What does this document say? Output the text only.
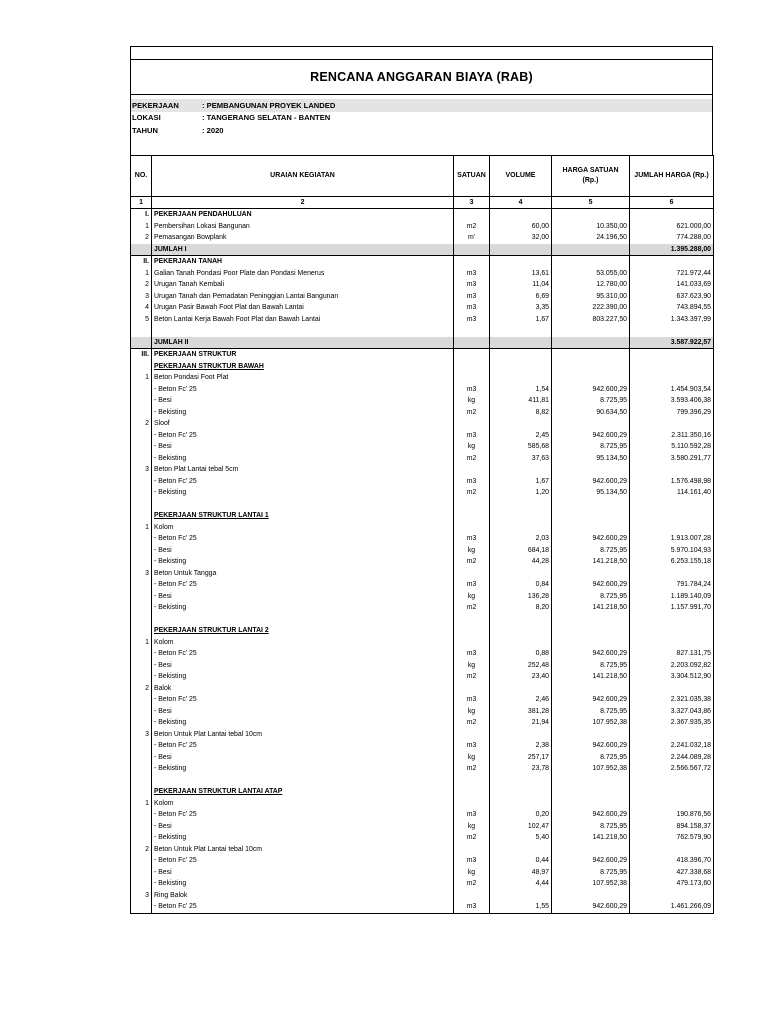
RENCANA ANGGARAN BIAYA (RAB)
PEKERJAAN	: PEMBANGUNAN PROYEK LANDED
LOKASI	: TANGERANG SELATAN - BANTEN
TAHUN	: 2020
NO.	URAIAN KEGIATAN	SATUAN	VOLUME	HARGA SATUAN (Rp.)	JUMLAH HARGA (Rp.)
1	2	3	4	5	6
I.	PEKERJAAN PENDAHULUAN				
1	Pembersihan Lokasi Bangunan	m2	60,00	10.350,00	621.000,00
2	Pemasangan Bowplank	m'	32,00	24.196,50	774.288,00
	JUMLAH I				1.395.288,00
II.	PEKERJAAN TANAH				
1	Galian Tanah Pondasi Poor Plate dan Pondasi Menerus	m3	13,61	53.055,00	721.972,44
2	Urugan Tanah Kembali	m3	11,04	12.780,00	141.033,69
3	Urugan Tanah dan Pemadatan Peninggian Lantai Bangunan	m3	6,69	95.310,00	637.623,90
4	Urugan Pasir Bawah Foot Plat dan Bawah Lantai	m3	3,35	222.390,00	743.894,55
5	Beton Lantai Kerja Bawah Foot Plat dan Bawah Lantai	m3	1,67	803.227,50	1.343.397,99

	JUMLAH II				3.587.922,57
III.	PEKERJAAN STRUKTUR				
	PEKERJAAN STRUKTUR BAWAH				
1	Beton Pondasi Foot Plat				
	- Beton Fc' 25	m3	1,54	942.600,29	1.454.903,54
	- Besi	kg	411,81	8.725,95	3.593.406,38
	- Bekisting	m2	8,82	90.634,50	799.396,29
2	Sloof				
	- Beton Fc' 25	m3	2,45	942.600,29	2.311.350,16
	- Besi	kg	585,68	8.725,95	5.110.592,28
	- Bekisting	m2	37,63	95.134,50	3.580.291,77
3	Beton Plat Lantai tebal 5cm				
	- Beton Fc' 25	m3	1,67	942.600,29	1.576.498,98
	- Bekisting	m2	1,20	95.134,50	114.161,40

	PEKERJAAN STRUKTUR LANTAI 1				
1	Kolom				
	- Beton Fc' 25	m3	2,03	942.600,29	1.913.007,28
	- Besi	kg	684,18	8.725,95	5.970.104,93
	- Bekisting	m2	44,28	141.218,50	6.253.155,18
3	Beton Untuk Tangga				
	- Beton Fc' 25	m3	0,84	942.600,29	791.784,24
	- Besi	kg	136,28	8.725,95	1.189.140,09
	- Bekisting	m2	8,20	141.218,50	1.157.991,70

	PEKERJAAN STRUKTUR LANTAI 2				
1	Kolom				
	- Beton Fc' 25	m3	0,88	942.600,29	827.131,75
	- Besi	kg	252,48	8.725,95	2.203.092,82
	- Bekisting	m2	23,40	141.218,50	3.304.512,90
2	Balok				
	- Beton Fc' 25	m3	2,46	942.600,29	2.321.035,38
	- Besi	kg	381,28	8.725,95	3.327.043,86
	- Bekisting	m2	21,94	107.952,38	2.367.935,35
3	Beton Untuk Plat Lantai tebal 10cm				
	- Beton Fc' 25	m3	2,38	942.600,29	2.241.032,18
	- Besi	kg	257,17	8.725,95	2.244.089,28
	- Bekisting	m2	23,78	107.952,38	2.566.567,72

	PEKERJAAN STRUKTUR LANTAI ATAP				
1	Kolom				
	- Beton Fc' 25	m3	0,20	942.600,29	190.876,56
	- Besi	kg	102,47	8.725,95	894.158,37
	- Bekisting	m2	5,40	141.218,50	762.579,90
2	Beton Untuk Plat Lantai tebal 10cm				
	- Beton Fc' 25	m3	0,44	942.600,29	418.396,70
	- Besi	kg	48,97	8.725,95	427.338,68
	- Bekisting	m2	4,44	107.952,38	479.173,60
3	Ring Balok				
	- Beton Fc' 25	m3	1,55	942.600,29	1.461.266,09
